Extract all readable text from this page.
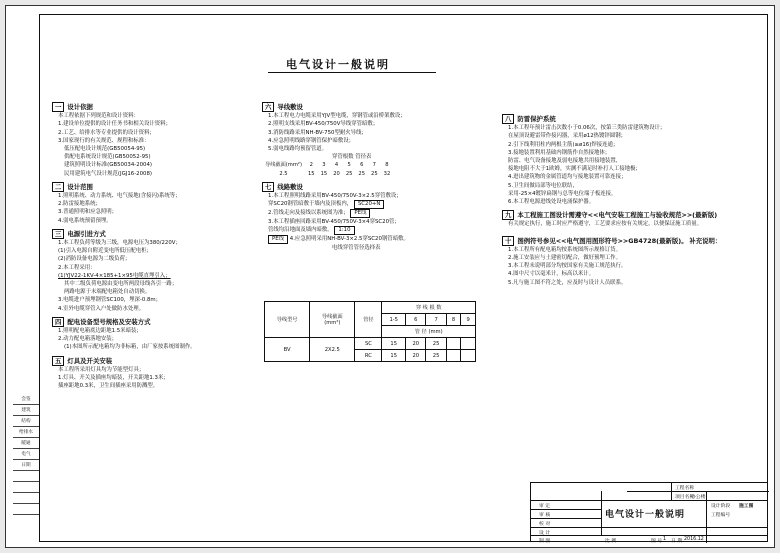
电气设计一般说明
一 设计依据
本工程依据下列规范和设计资料：
1.建设单位提供的设计任务书和相关设计资料；
2.工艺、给排水等专业提供的设计资料；
3.国家现行的有关规范、规程和标准：
低压配电设计规范(GB50054-95)
供配电系统设计规范(GB50052-95)
建筑照明设计标准(GB50034-2004)
民用建筑电气设计规范(JGJ16-2008)
二 设计范围
1.照明系统、动力系统、电气接地(含接闪)系统等；
2.防雷接地系统；
3.普通照明和应急照明；
4.弱电系统预留预埋。
三 电源引进方式
1.本工程负荷等级为三级，电源电压为380/220V；
(1)引入电源自附近变电所低压配电柜；
(2)消防设备电源为二级负荷；
2.本工程采用：
(1)YJV22-1KV-4×185+1×95电缆直埋引入；
其中二级负荷电源由变电所两段母线各引一路；
两路电源于末端配电箱处自动切换。
3.电缆进户预埋钢管SC100，埋深-0.8m；
4.室外电缆穿管入户处做防水处理。
四 配电设备型号规格及安装方式
1.照明配电箱底边距地1.5米暗装；
2.动力配电箱落地安装；
(1)本图所示配电箱均为非标箱，由厂家按系统图制作。
五 灯具及开关安装
本工程所采用灯具均为节能型灯具；
1.灯具、开关及插座均暗装，开关距地1.3米；
插座距地0.3米，卫生间插座采用防溅型。
六 导线敷设
1.本工程电力电缆采用YJV型电缆，穿钢管或沿桥架敷设；
2.照明支线采用BV-450/750V导线穿管暗敷；
3.消防线路采用NH-BV-750型耐火导线；
4.应急照明线路穿钢管保护暗敷设；
5.弱电线路均预留管道。
穿管根数 管径表
导线截面(mm²)	2	3	4	5	6	7	8
2.5	15	15	20	25	25	25	32
七 线路敷设
1.本工程照明线路采用BV-450/750V-3×2.5穿管敷设；
穿SC20钢管暗敷于墙内及顶板内， SC20+N
2.管线走向及接线以系统图为准； PE线
3.本工程插座回路采用BV-450/750V-3×4穿SC20管；
管线均沿地面及墙内暗敷。 1:10
PE线 4.应急照明采用NH-BV-3×2.5穿SC20钢管暗敷。
电线穿管管径选择表
导线型号	导线截面
(mm²)	管径	穿 线 根 数				
			1-5	6	7	8	9
			管 径 (mm)				
BV	2X2.5	SC	15	20	25		
		RC	15	20	25		
八 防雷保护系统
1.本工程年预计雷击次数小于0.06次，按第三类防雷建筑物设计；
在屋顶设避雷带作接闪器，采用ø12热镀锌圆钢；
2.引下线利用柱内两根主筋(≥ø16)焊接连通；
3.接地装置利用基础内钢筋作自然接地体；
防雷、电气设备接地及弱电接地共用接地装置，
接地电阻不大于1欧姆，实测不满足时补打人工接地极；
4.进出建筑物的金属管道均与接地装置可靠连接；
5.卫生间做局部等电位联结，
采用-25×4镀锌扁钢与总等电位端子板连接。
6.本工程电源进线处设电涌保护器。
九 本工程施工图设计需遵守<<电气安装工程施工与验收规范>>(最新版)
有关规定执行，施工时应严格遵守，工艺要求应按有关规定，以便保证施工质量。
十 图例符号参见<<电气图用图形符号>>GB4728(最新版)。 补充说明：
1.本工程所有配电箱均按系统图所示规格订货。
2.施工安装应与土建密切配合，做好预埋工作。
3.本工程未说明部分均按国家有关施工规范执行。
4.图中尺寸以毫米计，标高以米计。
5.凡与施工图不符之处，应及时与设计人员联系。
会签
建筑
结构
给排水
暖通
电气
日期
工程名称
项目名称
办公楼
审 定
审 核
校 对
设 计
制 图
电气设计一般说明
设计阶段 施工图
工程编号
比 例	图 号 1 日 期 2016.12
